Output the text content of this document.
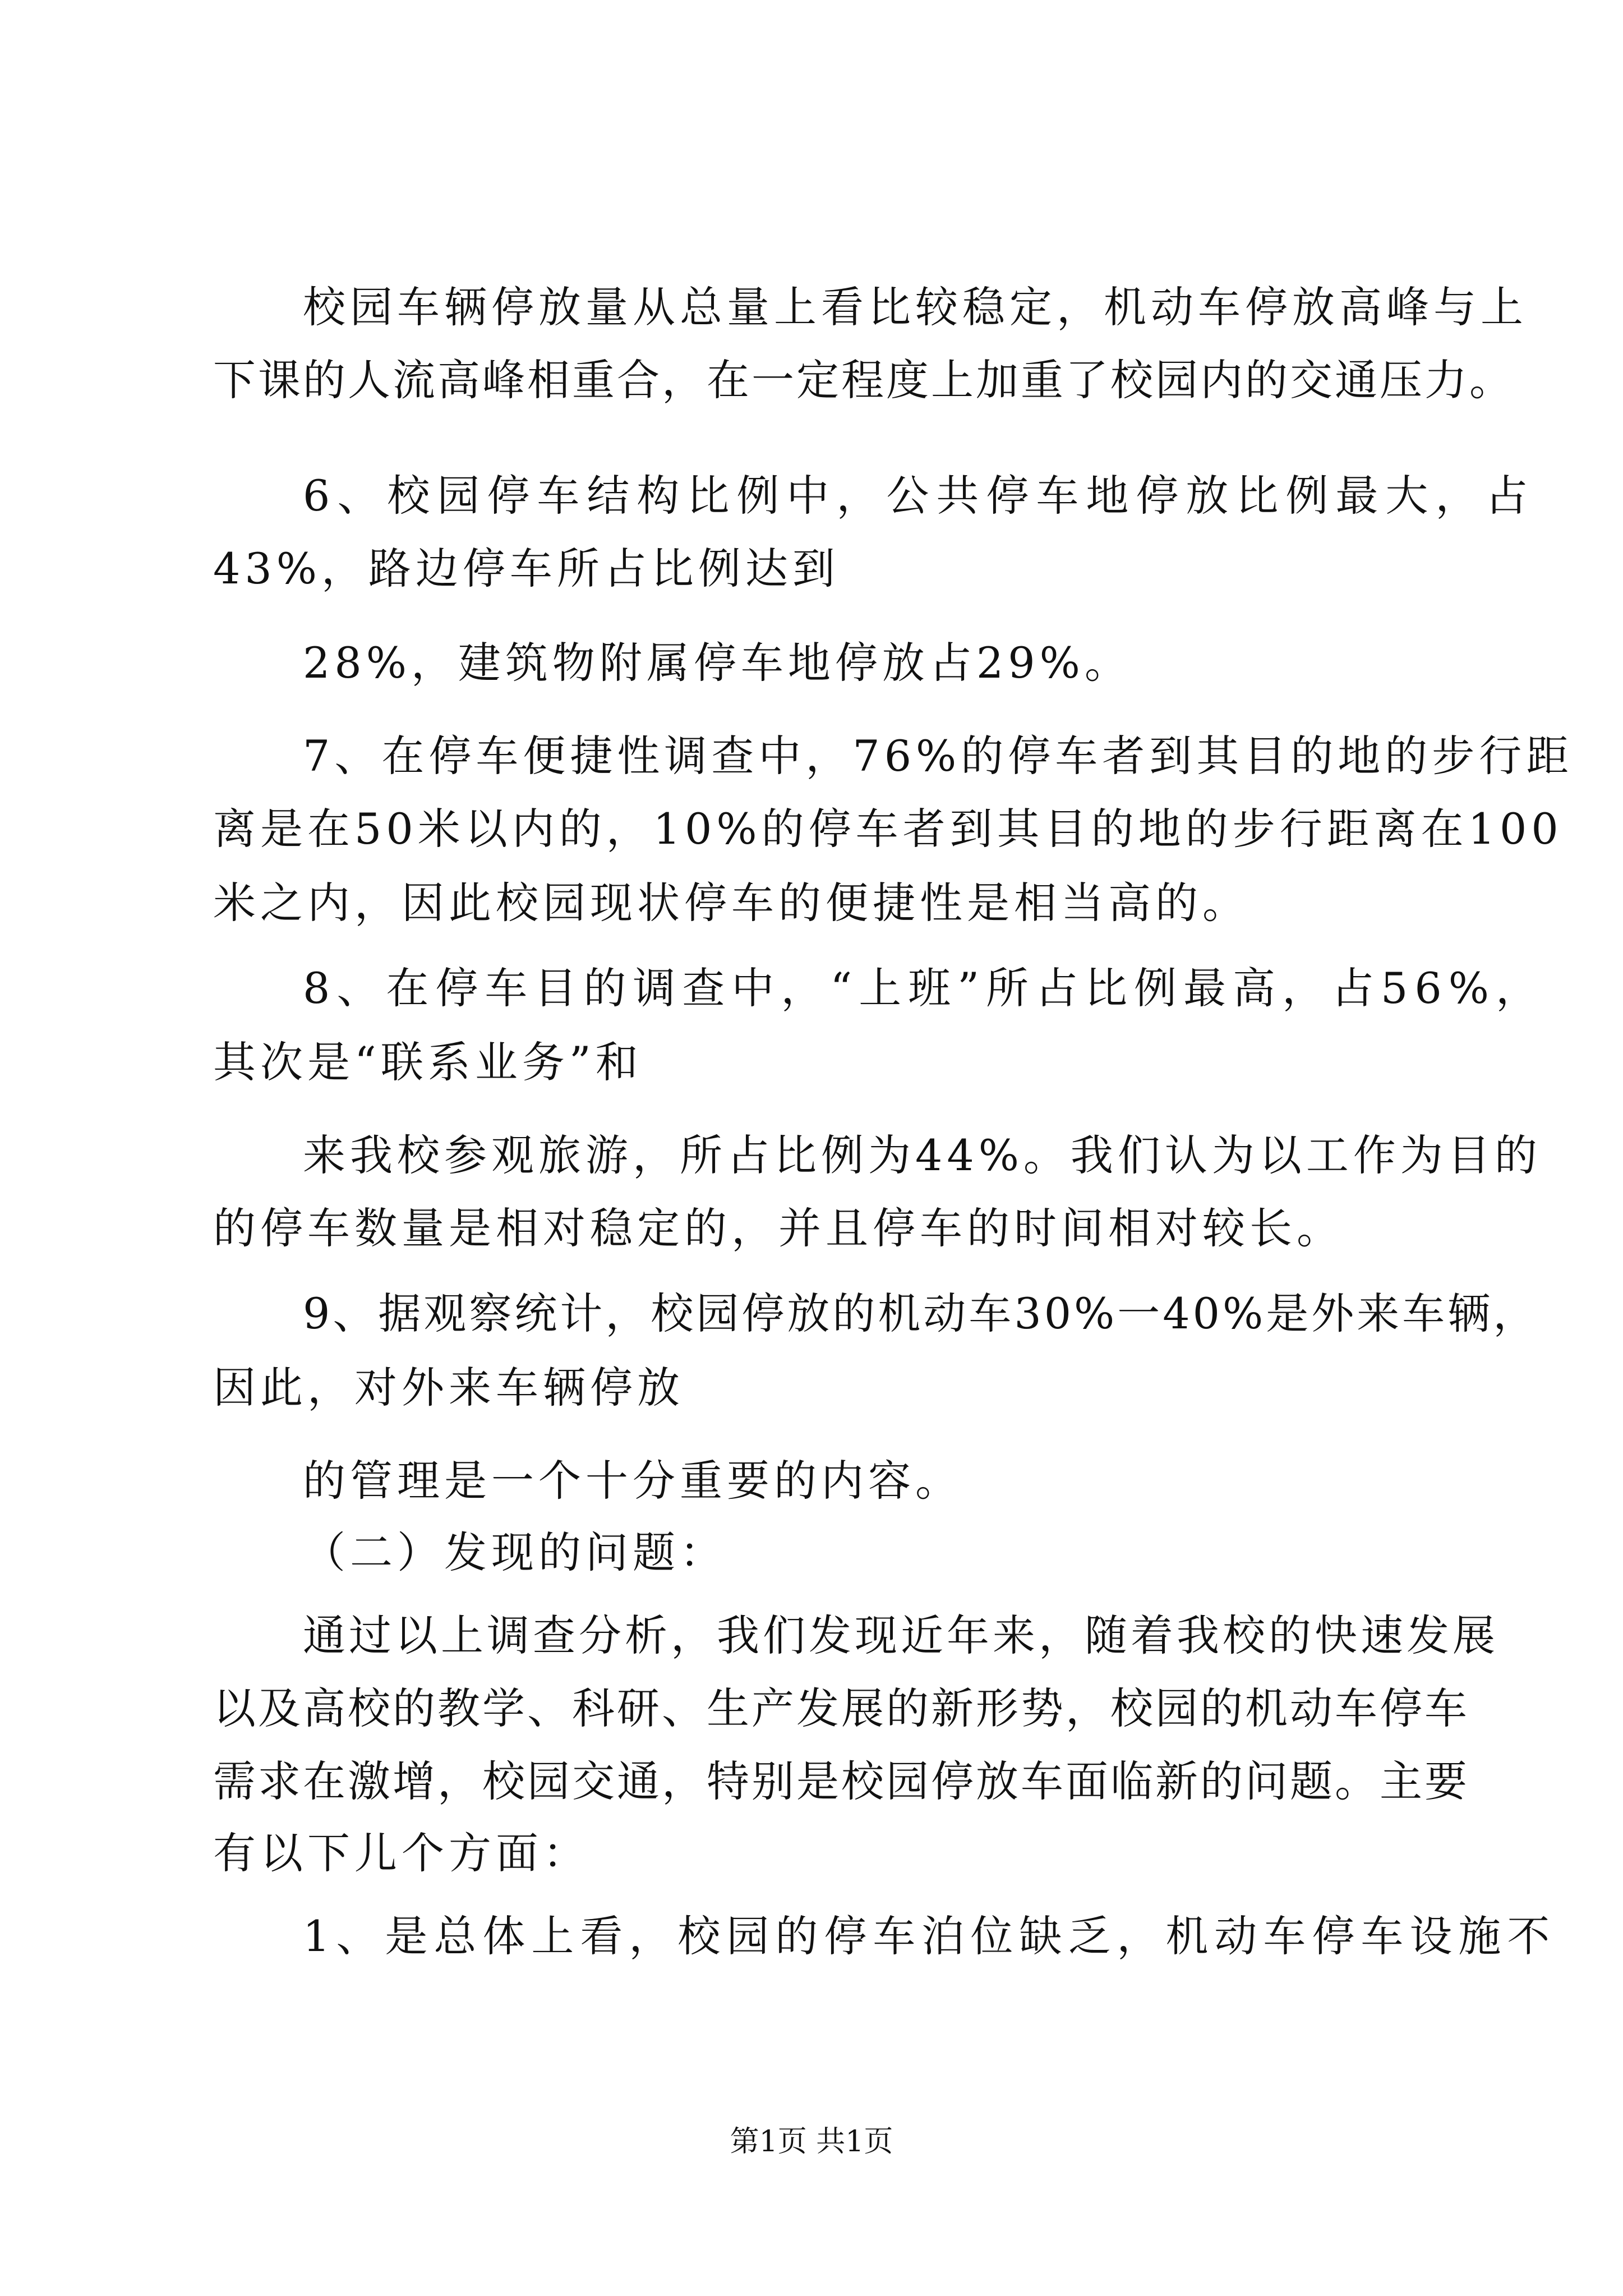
校园车辆停放量从总量上看比较稳定，机动车停放高峰与上
下课的人流高峰相重合，在一定程度上加重了校园内的交通压力。
6、校园停车结构比例中，公共停车地停放比例最大，占
43%，路边停车所占比例达到
28%，建筑物附属停车地停放占29%。
7、在停车便捷性调查中，76%的停车者到其目的地的步行距
离是在50米以内的，10%的停车者到其目的地的步行距离在100
米之内，因此校园现状停车的便捷性是相当高的。
8、在停车目的调查中，“上班”所占比例最高，占56%，
其次是“联系业务”和
来我校参观旅游，所占比例为44%。我们认为以工作为目的
的停车数量是相对稳定的，并且停车的时间相对较长。
9、据观察统计，校园停放的机动车30%一40%是外来车辆，
因此，对外来车辆停放
的管理是一个十分重要的内容。
（二）发现的问题：
通过以上调查分析，我们发现近年来，随着我校的快速发展
以及高校的教学、科研、生产发展的新形势，校园的机动车停车
需求在激增，校园交通，特别是校园停放车面临新的问题。主要
有以下儿个方面：
1、是总体上看，校园的停车泊位缺乏，机动车停车设施不
第1页 共1页
